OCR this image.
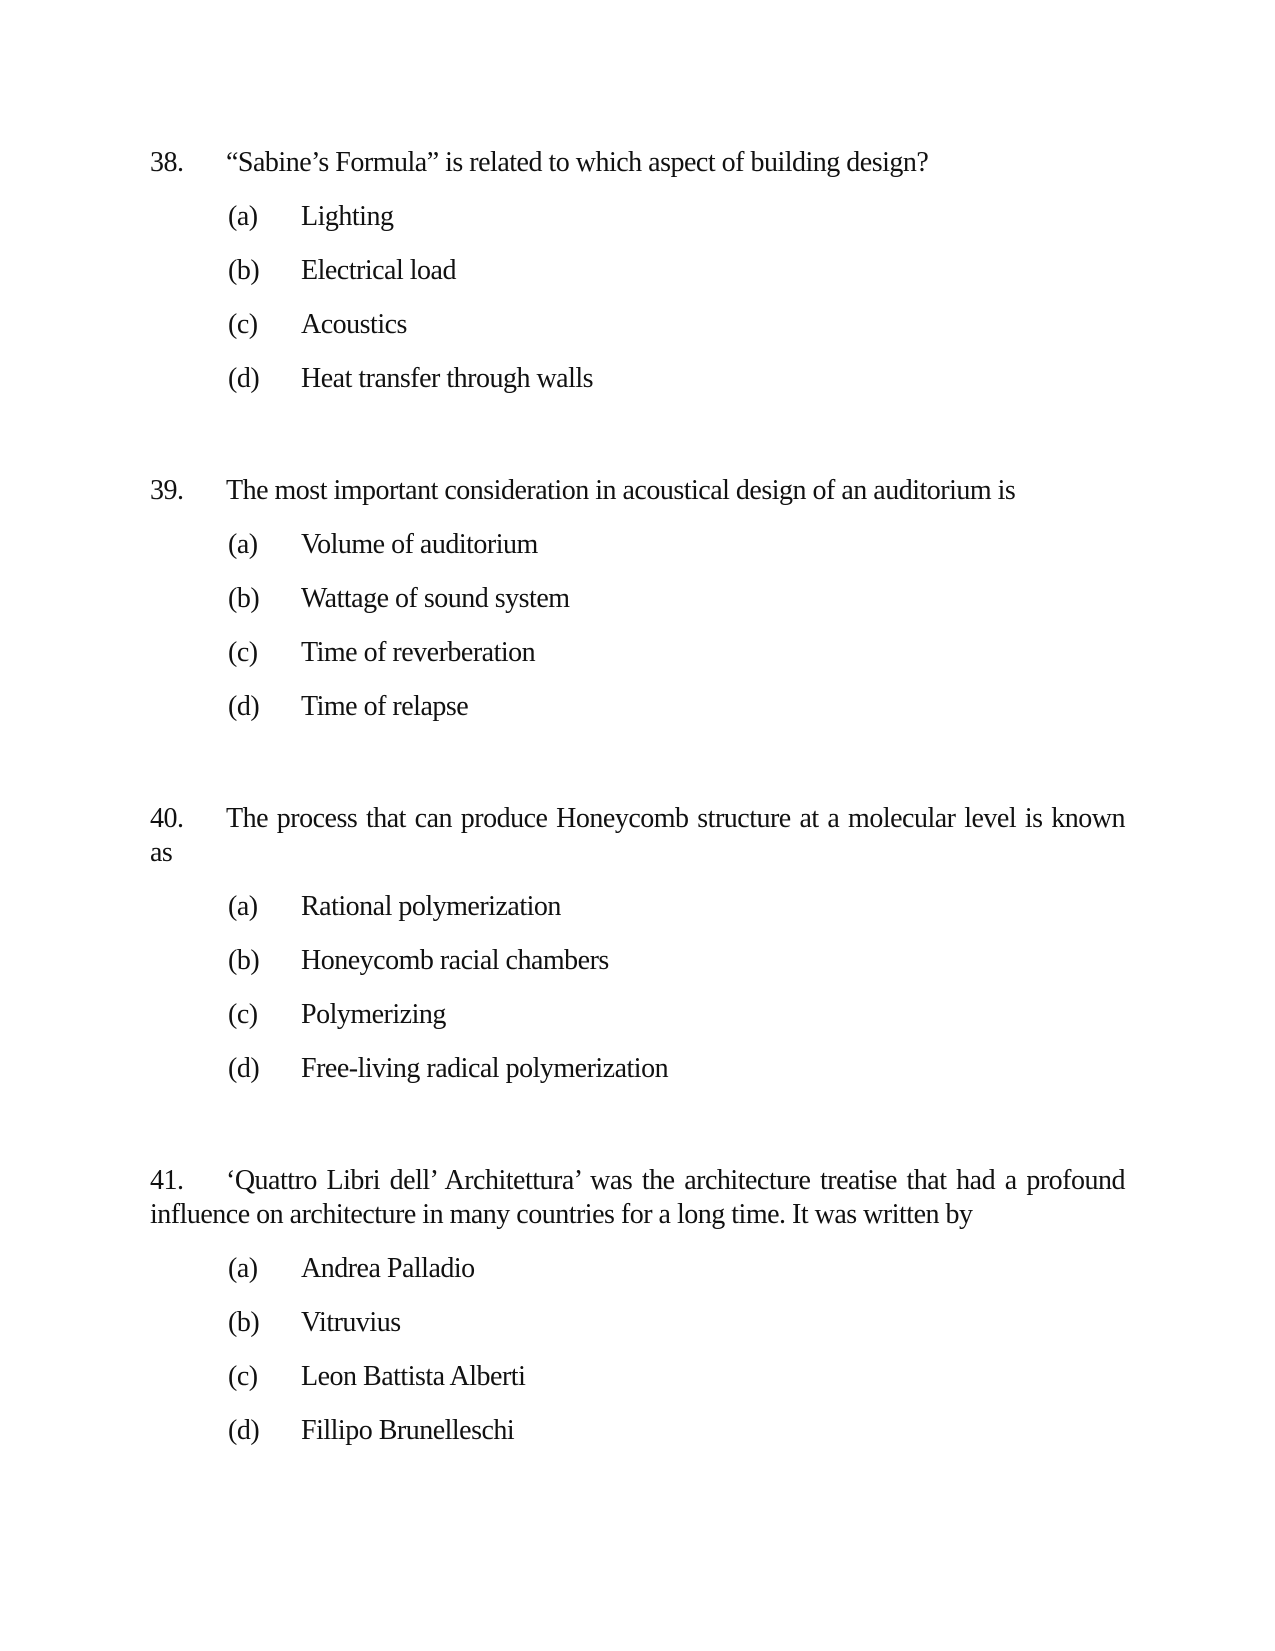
38. “Sabine’s Formula” is related to which aspect of building design?

(a) Lighting
(b) Electrical load
(c) Acoustics
(d) Heat transfer through walls

39. The most important consideration in acoustical design of an auditorium is

(a) Volume of auditorium
(b) Wattage of sound system
(c) Time of reverberation
(d) Time of relapse

40. The process that can produce Honeycomb structure at a molecular level is known as

(a) Rational polymerization
(b) Honeycomb racial chambers
(c) Polymerizing
(d) Free-living radical polymerization

41. ‘Quattro Libri dell’ Architettura’ was the architecture treatise that had a profound influence on architecture in many countries for a long time. It was written by

(a) Andrea Palladio
(b) Vitruvius
(c) Leon Battista Alberti
(d) Fillipo Brunelleschi
